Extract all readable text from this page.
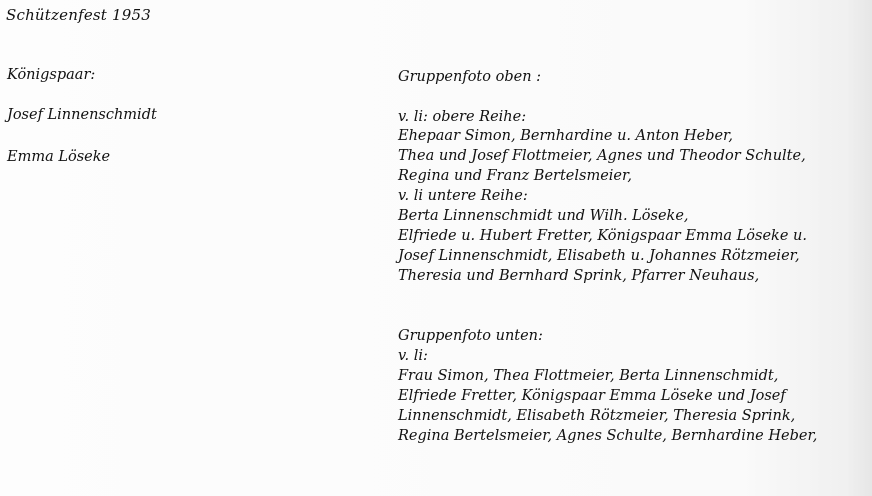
Schützenfest 1953
Königspaar:
Josef Linnenschmidt
Emma Löseke
Gruppenfoto oben :
v. li: obere Reihe:
Ehepaar Simon, Bernhardine u. Anton Heber,
Thea und Josef Flottmeier, Agnes und Theodor Schulte,
Regina und Franz Bertelsmeier,
v. li untere Reihe:
Berta Linnenschmidt und Wilh. Löseke,
Elfriede u. Hubert Fretter, Königspaar Emma Löseke u.
Josef Linnenschmidt, Elisabeth u. Johannes Rötzmeier,
Theresia und Bernhard Sprink, Pfarrer Neuhaus,
Gruppenfoto unten:
v. li:
Frau Simon, Thea Flottmeier, Berta Linnenschmidt,
Elfriede Fretter, Königspaar Emma Löseke und Josef
Linnenschmidt, Elisabeth Rötzmeier, Theresia Sprink,
Regina Bertelsmeier, Agnes Schulte, Bernhardine Heber,
